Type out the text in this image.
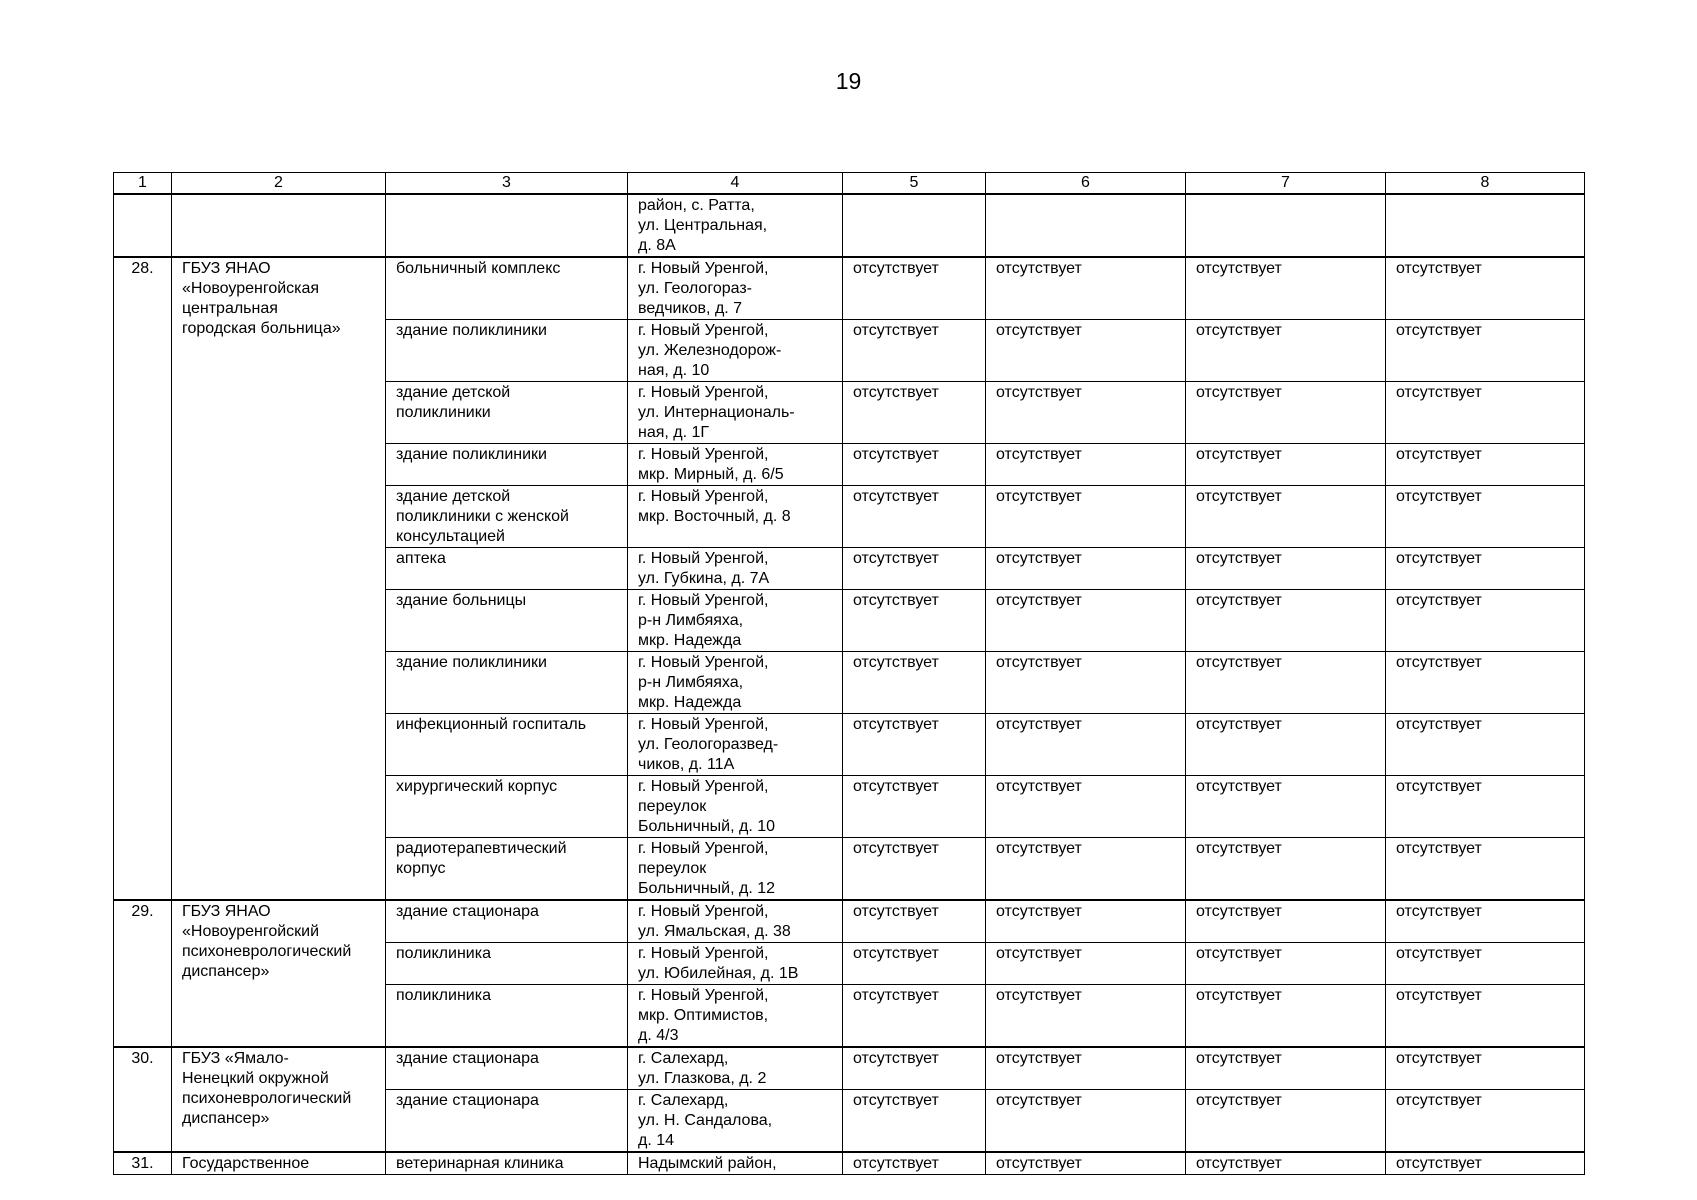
19
1	2	3	4	5	6	7	8
			район, с. Ратта,
ул. Центральная,
д. 8А				
28.	ГБУЗ ЯНАО
«Новоуренгойская
центральная
городская больница»	больничный комплекс	г. Новый Уренгой,
ул. Геологораз-
ведчиков, д. 7	отсутствует	отсутствует	отсутствует	отсутствует
		здание поликлиники	г. Новый Уренгой,
ул. Железнодорож-
ная, д. 10	отсутствует	отсутствует	отсутствует	отсутствует
		здание детской
поликлиники	г. Новый Уренгой,
ул. Интернациональ-
ная, д. 1Г	отсутствует	отсутствует	отсутствует	отсутствует
		здание поликлиники	г. Новый Уренгой,
мкр. Мирный, д. 6/5	отсутствует	отсутствует	отсутствует	отсутствует
		здание детской
поликлиники с женской
консультацией	г. Новый Уренгой,
мкр. Восточный, д. 8	отсутствует	отсутствует	отсутствует	отсутствует
		аптека	г. Новый Уренгой,
ул. Губкина, д. 7А	отсутствует	отсутствует	отсутствует	отсутствует
		здание больницы	г. Новый Уренгой,
р-н Лимбяяха,
мкр. Надежда	отсутствует	отсутствует	отсутствует	отсутствует
		здание поликлиники	г. Новый Уренгой,
р-н Лимбяяха,
мкр. Надежда	отсутствует	отсутствует	отсутствует	отсутствует
		инфекционный госпиталь	г. Новый Уренгой,
ул. Геологоразвед-
чиков, д. 11А	отсутствует	отсутствует	отсутствует	отсутствует
		хирургический корпус	г. Новый Уренгой,
переулок
Больничный, д. 10	отсутствует	отсутствует	отсутствует	отсутствует
		радиотерапевтический
корпус	г. Новый Уренгой,
переулок
Больничный, д. 12	отсутствует	отсутствует	отсутствует	отсутствует
29.	ГБУЗ ЯНАО
«Новоуренгойский
психоневрологический
диспансер»	здание стационара	г. Новый Уренгой,
ул. Ямальская, д. 38	отсутствует	отсутствует	отсутствует	отсутствует
		поликлиника	г. Новый Уренгой,
ул. Юбилейная, д. 1В	отсутствует	отсутствует	отсутствует	отсутствует
		поликлиника	г. Новый Уренгой,
мкр. Оптимистов,
д. 4/3	отсутствует	отсутствует	отсутствует	отсутствует
30.	ГБУЗ «Ямало-
Ненецкий окружной
психоневрологический
диспансер»	здание стационара	г. Салехард,
ул. Глазкова, д. 2	отсутствует	отсутствует	отсутствует	отсутствует
		здание стационара	г. Салехард,
ул. Н. Сандалова,
д. 14	отсутствует	отсутствует	отсутствует	отсутствует
31.	Государственное	ветеринарная клиника	Надымский район,	отсутствует	отсутствует	отсутствует	отсутствует
